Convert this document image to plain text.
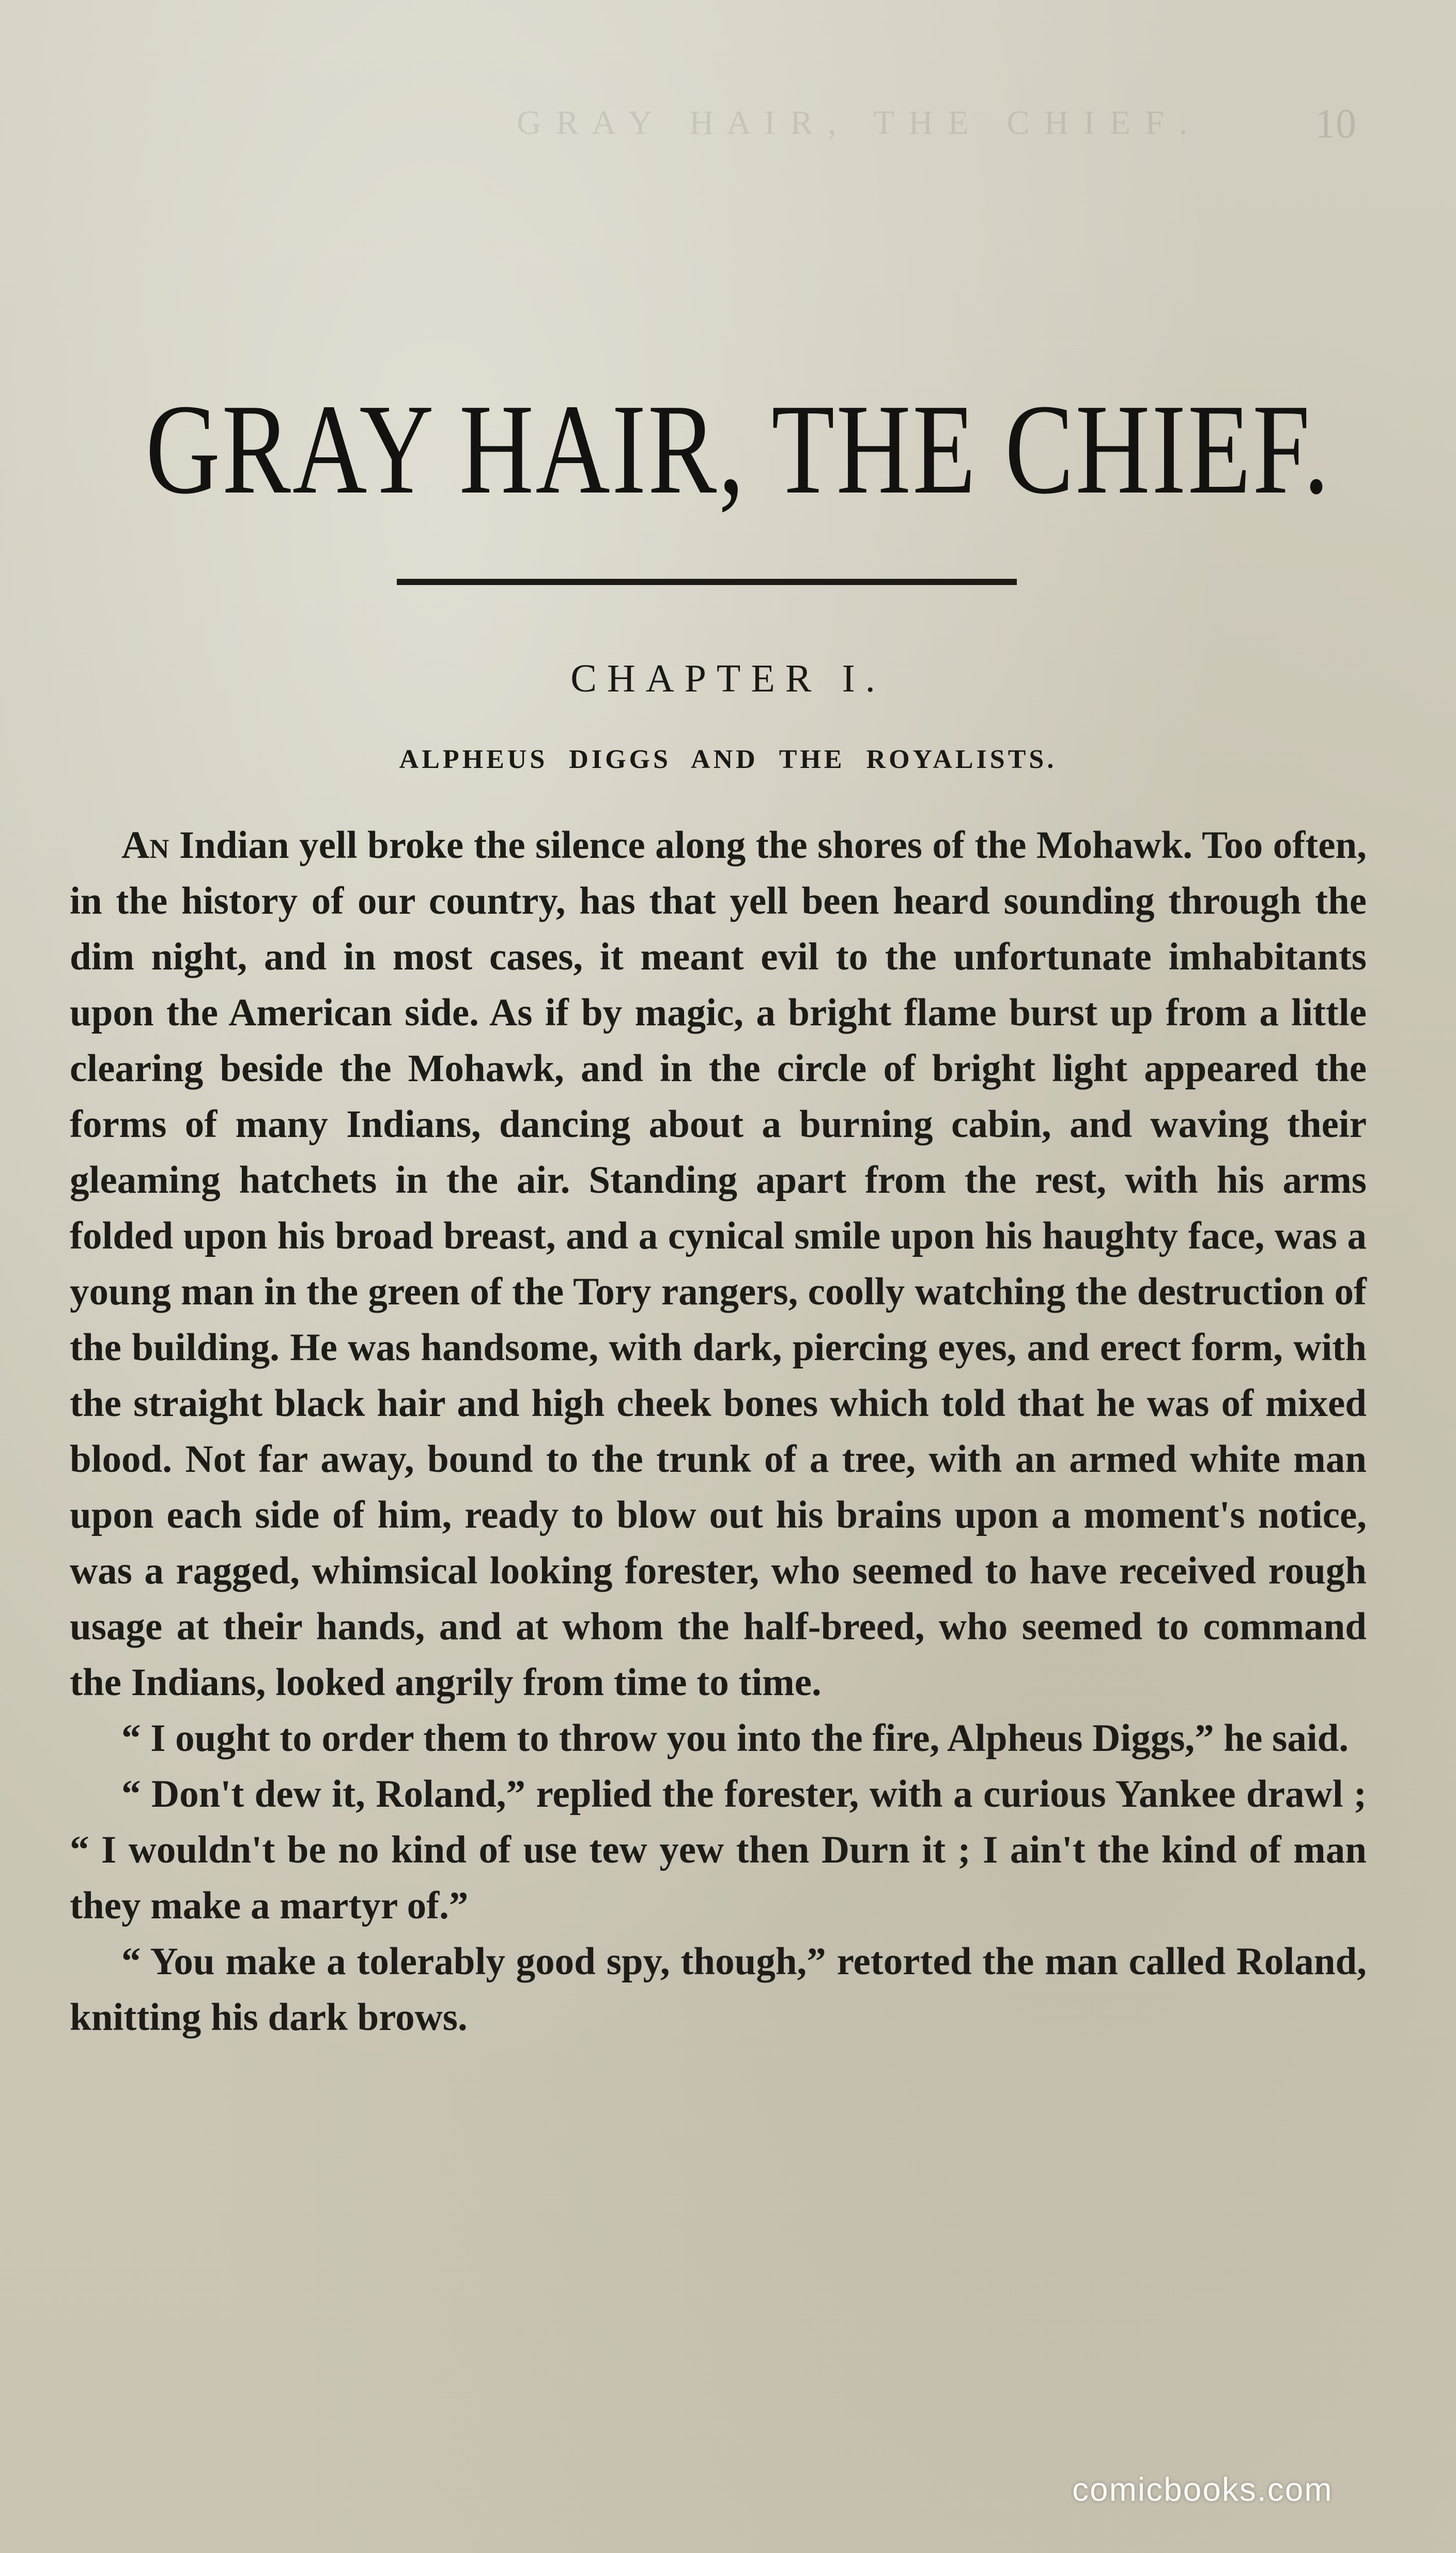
G R A Y   H A I R ,   T H E   C H I E F .	10
GRAY HAIR, THE CHIEF.
CHAPTER I.
ALPHEUS DIGGS AND THE ROYALISTS.

An Indian yell broke the silence along the shores of the Mohawk. Too often, in the history of our country, has that yell been heard sounding through the dim night, and in most cases, it meant evil to the unfortunate imhabitants upon the American side. As if by magic, a bright flame burst up from a little clearing beside the Mohawk, and in the circle of bright light appeared the forms of many Indians, dancing about a burning cabin, and waving their gleaming hatchets in the air. Standing apart from the rest, with his arms folded upon his broad breast, and a cynical smile upon his haughty face, was a young man in the green of the Tory rangers, coolly watching the destruction of the building. He was handsome, with dark, piercing eyes, and erect form, with the straight black hair and high cheek bones which told that he was of mixed blood. Not far away, bound to the trunk of a tree, with an armed white man upon each side of him, ready to blow out his brains upon a moment's notice, was a ragged, whimsical looking forester, who seemed to have received rough usage at their hands, and at whom the half-breed, who seemed to command the Indians, looked angrily from time to time.

“ I ought to order them to throw you into the fire, Alpheus Diggs,” he said.

“ Don't dew it, Roland,” replied the forester, with a curious Yankee drawl ; “ I wouldn't be no kind of use tew yew then Durn it ; I ain't the kind of man they make a martyr of.”

“ You make a tolerably good spy, though,” retorted the man called Roland, knitting his dark brows.

comicbooks.com
